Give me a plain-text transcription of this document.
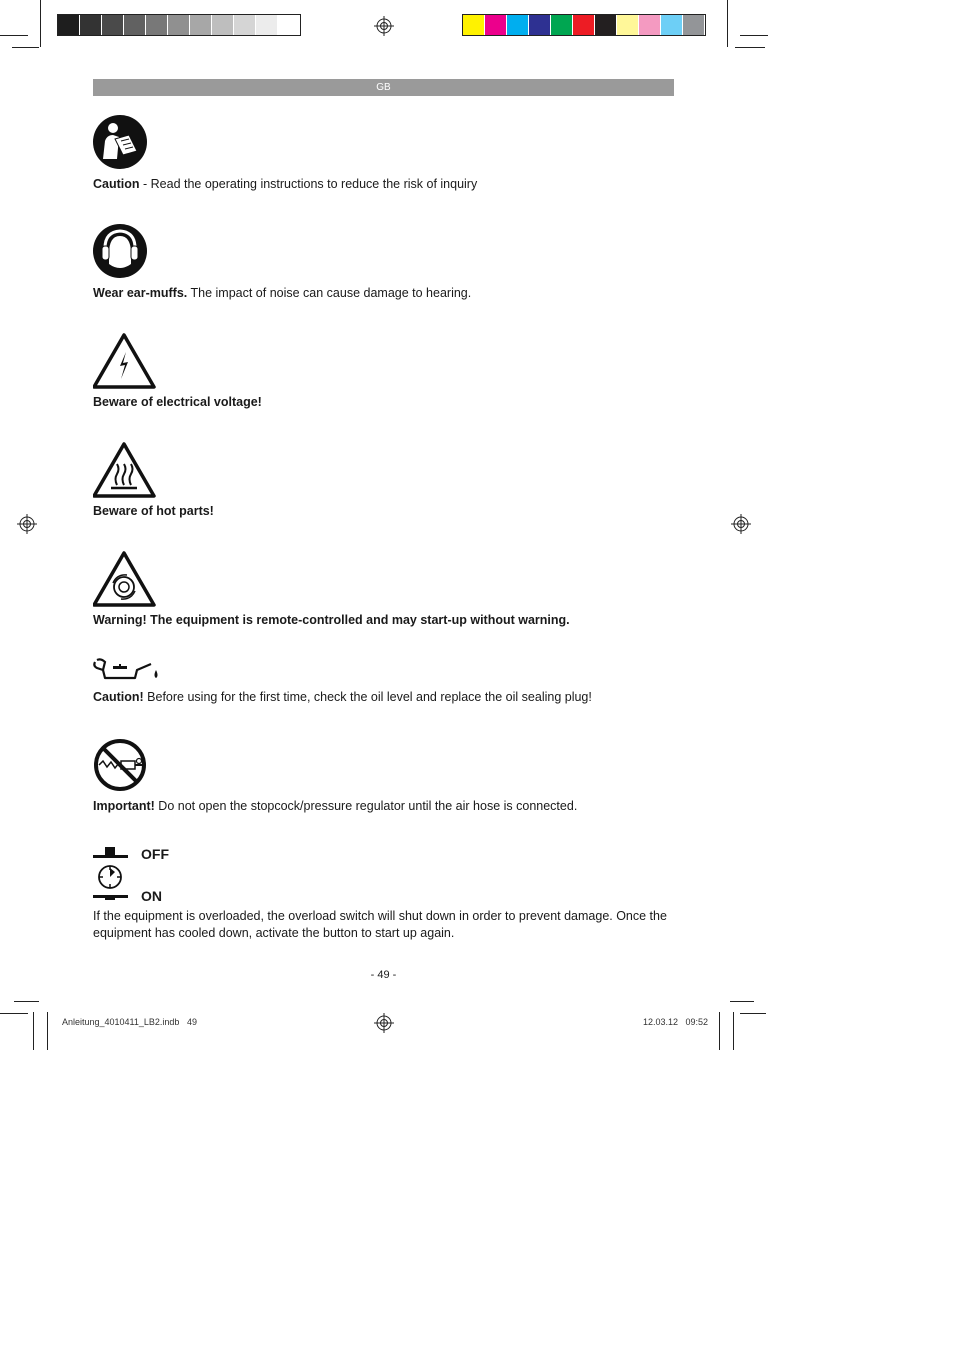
GB
Caution - Read the operating instructions to reduce the risk of inquiry
Wear ear-muffs. The impact of noise can cause damage to hearing.
Beware of electrical voltage!
Beware of hot parts!
Warning! The equipment is remote-controlled and may start-up without warning.
Caution! Before using for the first time, check the oil level and replace the oil sealing plug!
Important! Do not open the stopcock/pressure regulator until the air hose is connected.
OFF
ON
If the equipment is overloaded, the overload switch will shut down in order to prevent damage. Once the equipment has cooled down, activate the button to start up again.
- 49 -
Anleitung_4010411_LB2.indb   49	12.03.12   09:52
